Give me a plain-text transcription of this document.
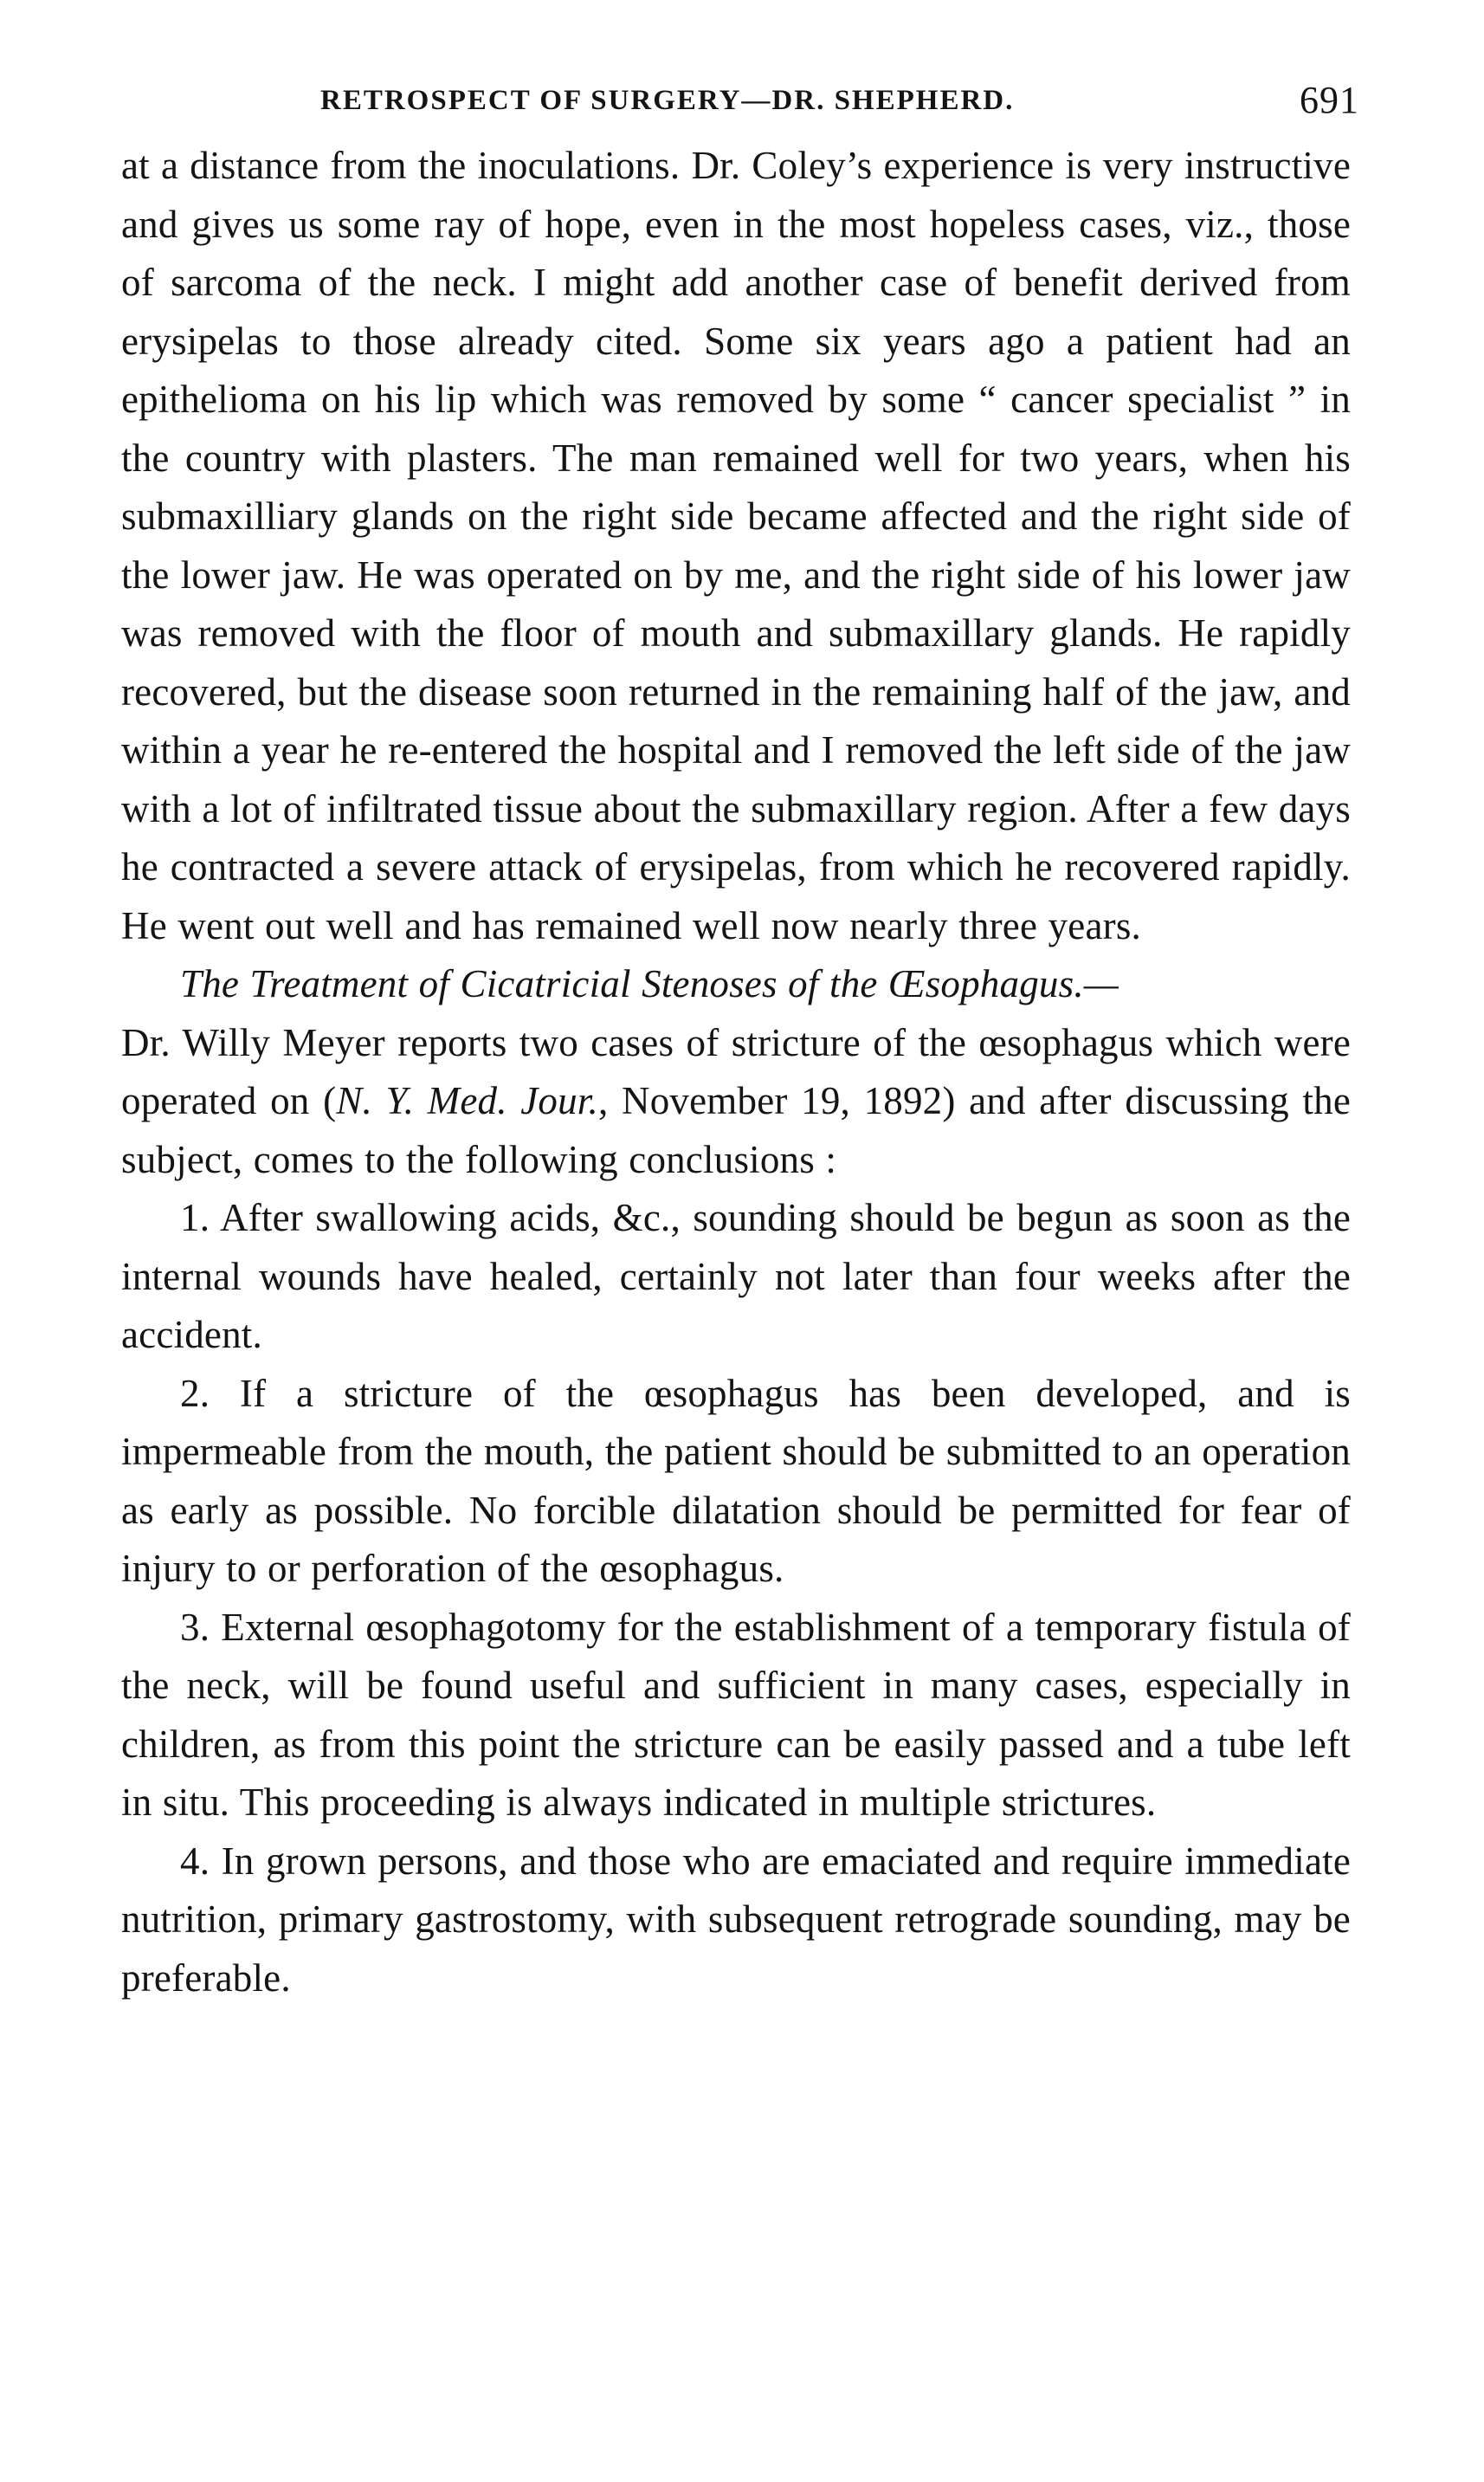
RETROSPECT OF SURGERY—DR. SHEPHERD.	691

at a distance from the inoculations. Dr. Coley’s experience is very instructive and gives us some ray of hope, even in the most hopeless cases, viz., those of sarcoma of the neck. I might add another case of benefit derived from erysipelas to those already cited. Some six years ago a patient had an epithelioma on his lip which was removed by some “ cancer specialist ” in the country with plasters. The man remained well for two years, when his submaxilliary glands on the right side became affected and the right side of the lower jaw. He was operated on by me, and the right side of his lower jaw was removed with the floor of mouth and submaxillary glands. He rapidly recovered, but the disease soon returned in the remaining half of the jaw, and within a year he re-entered the hospital and I removed the left side of the jaw with a lot of infiltrated tissue about the submaxillary region. After a few days he contracted a severe attack of erysipelas, from which he recovered rapidly. He went out well and has remained well now nearly three years.

The Treatment of Cicatricial Stenoses of the Œsophagus.—

Dr. Willy Meyer reports two cases of stricture of the œsophagus which were operated on (N. Y. Med. Jour., November 19, 1892) and after discussing the subject, comes to the following conclusions :

1. After swallowing acids, &c., sounding should be begun as soon as the internal wounds have healed, certainly not later than four weeks after the accident.

2. If a stricture of the œsophagus has been developed, and is impermeable from the mouth, the patient should be submitted to an operation as early as possible. No forcible dilatation should be permitted for fear of injury to or perforation of the œsophagus.

3. External œsophagotomy for the establishment of a temporary fistula of the neck, will be found useful and sufficient in many cases, especially in children, as from this point the stricture can be easily passed and a tube left in situ. This proceeding is always indicated in multiple strictures.

4. In grown persons, and those who are emaciated and require immediate nutrition, primary gastrostomy, with subsequent retrograde sounding, may be preferable.
